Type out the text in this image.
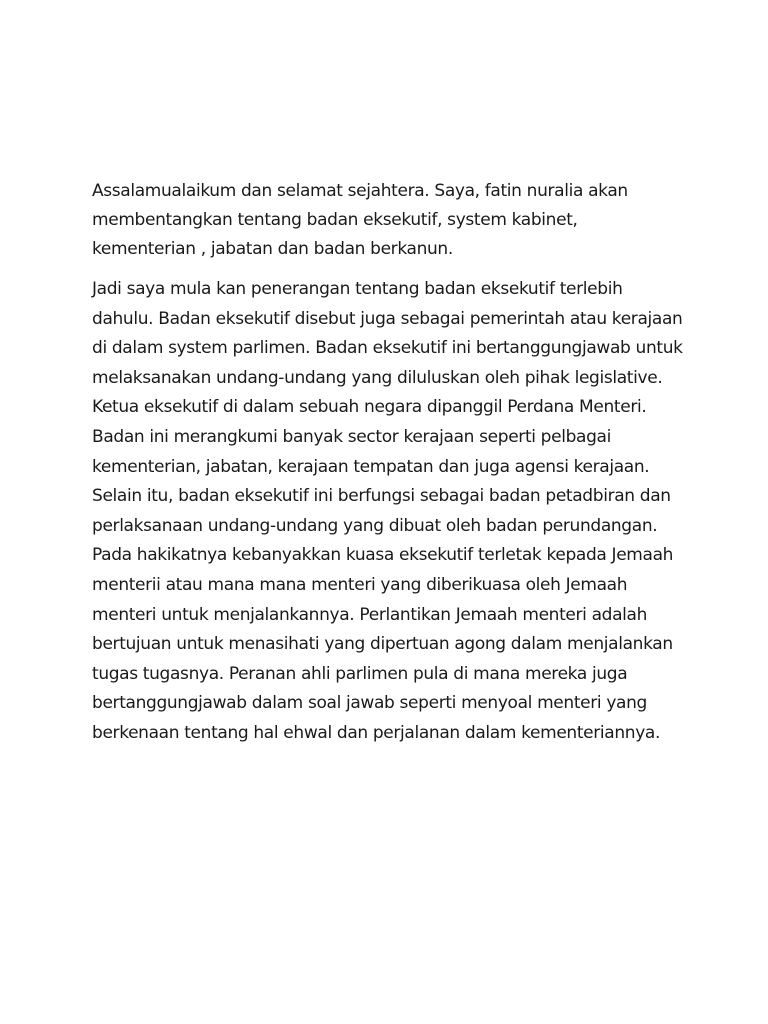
Assalamualaikum dan selamat sejahtera. Saya, fatin nuralia akan
membentangkan tentang badan eksekutif, system kabinet,
kementerian , jabatan dan badan berkanun.
Jadi saya mula kan penerangan tentang badan eksekutif terlebih
dahulu. Badan eksekutif disebut juga sebagai pemerintah atau kerajaan
di dalam system parlimen. Badan eksekutif ini bertanggungjawab untuk
melaksanakan undang-undang yang diluluskan oleh pihak legislative.
Ketua eksekutif di dalam sebuah negara dipanggil Perdana Menteri.
Badan ini merangkumi banyak sector kerajaan seperti pelbagai
kementerian, jabatan, kerajaan tempatan dan juga agensi kerajaan.
Selain itu, badan eksekutif ini berfungsi sebagai badan petadbiran dan
perlaksanaan undang-undang yang dibuat oleh badan perundangan.
Pada hakikatnya kebanyakkan kuasa eksekutif terletak kepada Jemaah
menterii atau mana mana menteri yang diberikuasa oleh Jemaah
menteri untuk menjalankannya. Perlantikan Jemaah menteri adalah
bertujuan untuk menasihati yang dipertuan agong dalam menjalankan
tugas tugasnya. Peranan ahli parlimen pula di mana mereka juga
bertanggungjawab dalam soal jawab seperti menyoal menteri yang
berkenaan tentang hal ehwal dan perjalanan dalam kementeriannya.
